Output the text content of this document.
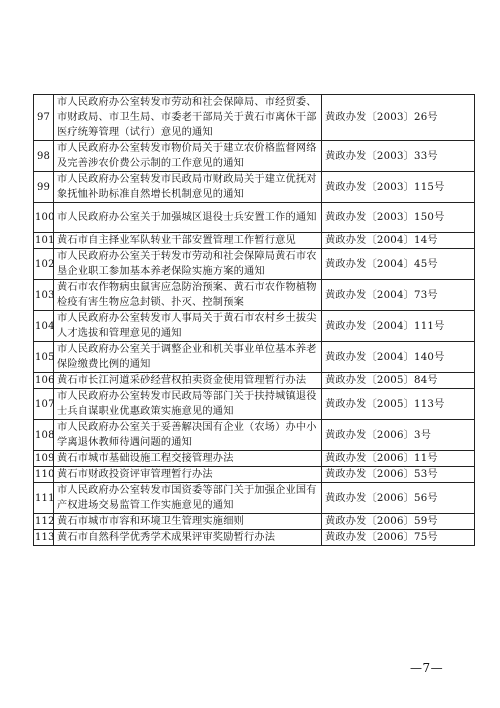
97	市人民政府办公室转发市劳动和社会保障局、市经贸委、市财政局、市卫生局、市委老干部局关于黄石市离休干部医疗统筹管理（试行）意见的通知	黄政办发〔2003〕26号
98	市人民政府办公室转发市物价局关于建立农价格监督网络及完善涉农价费公示制的工作意见的通知	黄政办发〔2003〕33号
99	市人民政府办公室转发市民政局市财政局关于建立优抚对象抚恤补助标准自然增长机制意见的通知	黄政办发〔2003〕115号
100	市人民政府办公室关于加强城区退役士兵安置工作的通知	黄政办发〔2003〕150号
101	黄石市自主择业军队转业干部安置管理工作暂行意见	黄政办发〔2004〕14号
102	市人民政府办公室关于转发市劳动和社会保障局黄石市农垦企业职工参加基本养老保险实施方案的通知	黄政办发〔2004〕45号
103	黄石市农作物病虫鼠害应急防治预案、黄石市农作物植物检疫有害生物应急封锁、扑灭、控制预案	黄政办发〔2004〕73号
104	市人民政府办公室转发市人事局关于黄石市农村乡土拔尖人才选拔和管理意见的通知	黄政办发〔2004〕111号
105	市人民政府办公室关于调整企业和机关事业单位基本养老保险缴费比例的通知	黄政办发〔2004〕140号
106	黄石市长江河道采砂经营权拍卖资金使用管理暂行办法	黄政办发〔2005〕84号
107	市人民政府办公室转发市民政局等部门关于扶持城镇退役士兵自谋职业优惠政策实施意见的通知	黄政办发〔2005〕113号
108	市人民政府办公室关于妥善解决国有企业（农场）办中小学离退休教师待遇问题的通知	黄政办发〔2006〕3号
109	黄石市城市基础设施工程交接管理办法	黄政办发〔2006〕11号
110	黄石市财政投资评审管理暂行办法	黄政办发〔2006〕53号
111	市人民政府办公室转发市国资委等部门关于加强企业国有产权进场交易监管工作实施意见的通知	黄政办发〔2006〕56号
112	黄石市城市市容和环境卫生管理实施细则	黄政办发〔2006〕59号
113	黄石市自然科学优秀学术成果评审奖励暂行办法	黄政办发〔2006〕75号
—7—
